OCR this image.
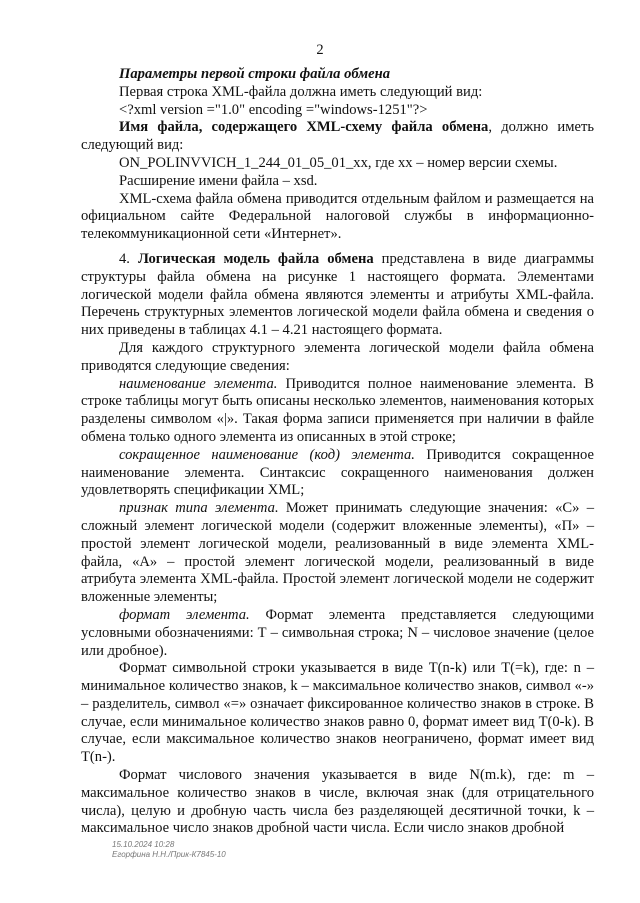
2

Параметры первой строки файла обмена

Первая строка XML-файла должна иметь следующий вид:

<?xml version ="1.0" encoding ="windows-1251"?>

Имя файла, содержащего XML-схему файла обмена, должно иметь следующий вид:

ON_POLINVVICH_1_244_01_05_01_xx, где xx – номер версии схемы.

Расширение имени файла – xsd.

XML-схема файла обмена приводится отдельным файлом и размещается на официальном сайте Федеральной налоговой службы в информационно-телекоммуникационной сети «Интернет».

4. Логическая модель файла обмена представлена в виде диаграммы структуры файла обмена на рисунке 1 настоящего формата. Элементами логической модели файла обмена являются элементы и атрибуты XML-файла. Перечень структурных элементов логической модели файла обмена и сведения о них приведены в таблицах 4.1 – 4.21 настоящего формата.

Для каждого структурного элемента логической модели файла обмена приводятся следующие сведения:

наименование элемента. Приводится полное наименование элемента. В строке таблицы могут быть описаны несколько элементов, наименования которых разделены символом «|». Такая форма записи применяется при наличии в файле обмена только одного элемента из описанных в этой строке;

сокращенное наименование (код) элемента. Приводится сокращенное наименование элемента. Синтаксис сокращенного наименования должен удовлетворять спецификации XML;

признак типа элемента. Может принимать следующие значения: «С» – сложный элемент логической модели (содержит вложенные элементы), «П» – простой элемент логической модели, реализованный в виде элемента XML-файла, «А» – простой элемент логической модели, реализованный в виде атрибута элемента XML-файла. Простой элемент логической модели не содержит вложенные элементы;

формат элемента. Формат элемента представляется следующими условными обозначениями: Т – символьная строка; N – числовое значение (целое или дробное).

Формат символьной строки указывается в виде Т(n-k) или Т(=k), где: n – минимальное количество знаков, k – максимальное количество знаков, символ «-» – разделитель, символ «=» означает фиксированное количество знаков в строке. В случае, если минимальное количество знаков равно 0, формат имеет вид Т(0-k). В случае, если максимальное количество знаков неограничено, формат имеет вид Т(n-).

Формат числового значения указывается в виде N(m.k), где: m – максимальное количество знаков в числе, включая знак (для отрицательного числа), целую и дробную часть числа без разделяющей десятичной точки, k – максимальное число знаков дробной части числа. Если число знаков дробной

15.10.2024 10:28
Егорфина Н.Н./Прик-К7845-10
